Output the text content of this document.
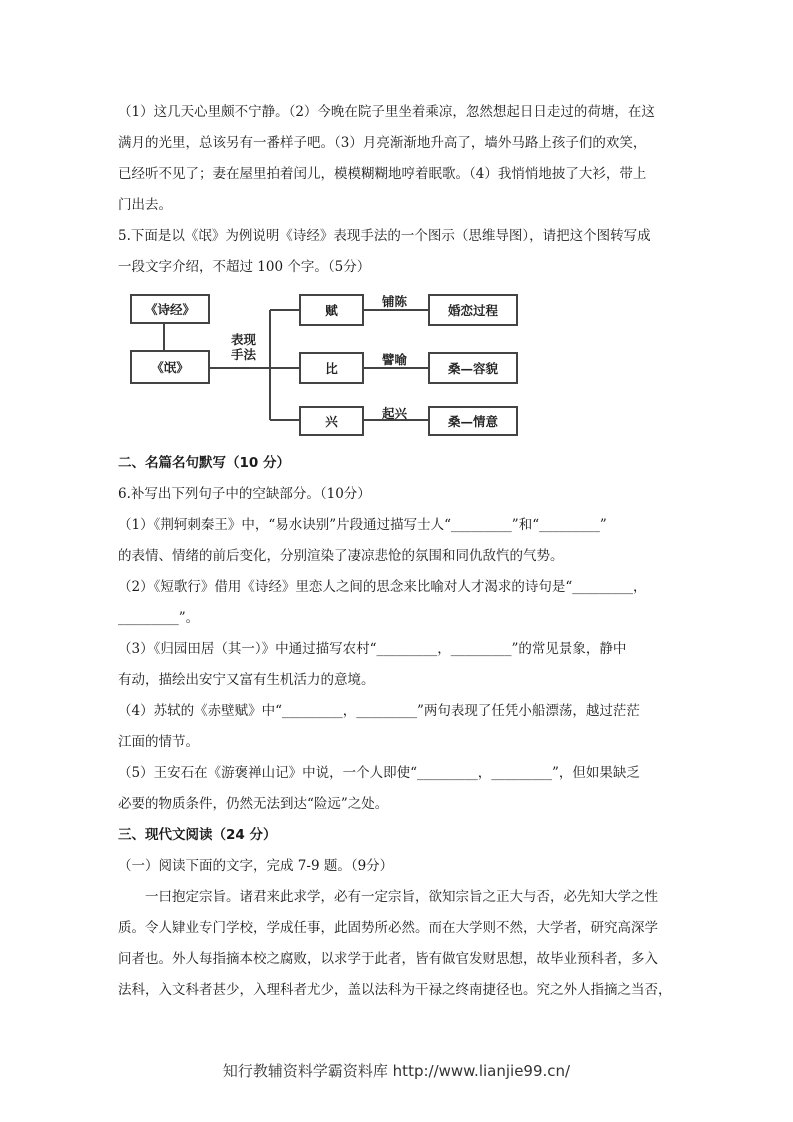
（1）这几天心里颇不宁静。（2）今晚在院子里坐着乘凉，忽然想起日日走过的荷塘，在这

满月的光里，总该另有一番样子吧。（3）月亮渐渐地升高了，墙外马路上孩子们的欢笑，

已经听不见了；妻在屋里拍着闰儿，模模糊糊地哼着眠歌。（4）我悄悄地披了大衫，带上

门出去。

5.下面是以《氓》为例说明《诗经》表现手法的一个图示（思维导图），请把这个图转写成

一段文字介绍，不超过 100 个字。（5分）

《诗经》
《氓》
表现
手法
赋
比
兴
铺陈
譬喻
起兴
婚恋过程
桑—容貌
桑—情意

二、名篇名句默写（10 分）

6.补写出下列句子中的空缺部分。（10分）

（1）《荆轲刺秦王》中，“易水诀别”片段通过描写士人“_________”和“_________”

的表情、情绪的前后变化，分别渲染了凄凉悲怆的氛围和同仇敌忾的气势。

（2）《短歌行》借用《诗经》里恋人之间的思念来比喻对人才渴求的诗句是“_________，

_________”。

（3）《归园田居（其一）》中通过描写农村“_________，_________”的常见景象，静中

有动，描绘出安宁又富有生机活力的意境。

（4）苏轼的《赤壁赋》中“_________，_________”两句表现了任凭小船漂荡，越过茫茫

江面的情节。

（5）王安石在《游褒禅山记》中说，一个人即使“_________，_________”，但如果缺乏

必要的物质条件，仍然无法到达“险远”之处。

三、现代文阅读（24 分）

（一）阅读下面的文字，完成 7-9 题。（9分）

一曰抱定宗旨。诸君来此求学，必有一定宗旨，欲知宗旨之正大与否，必先知大学之性

质。令人肄业专门学校，学成任事，此固势所必然。而在大学则不然，大学者，研究高深学

问者也。外人每指摘本校之腐败，以求学于此者，皆有做官发财思想，故毕业预科者，多入

法科，入文科者甚少，入理科者尤少，盖以法科为干禄之终南捷径也。究之外人指摘之当否，

知行教辅资料学霸资料库 http://www.lianjie99.cn/
